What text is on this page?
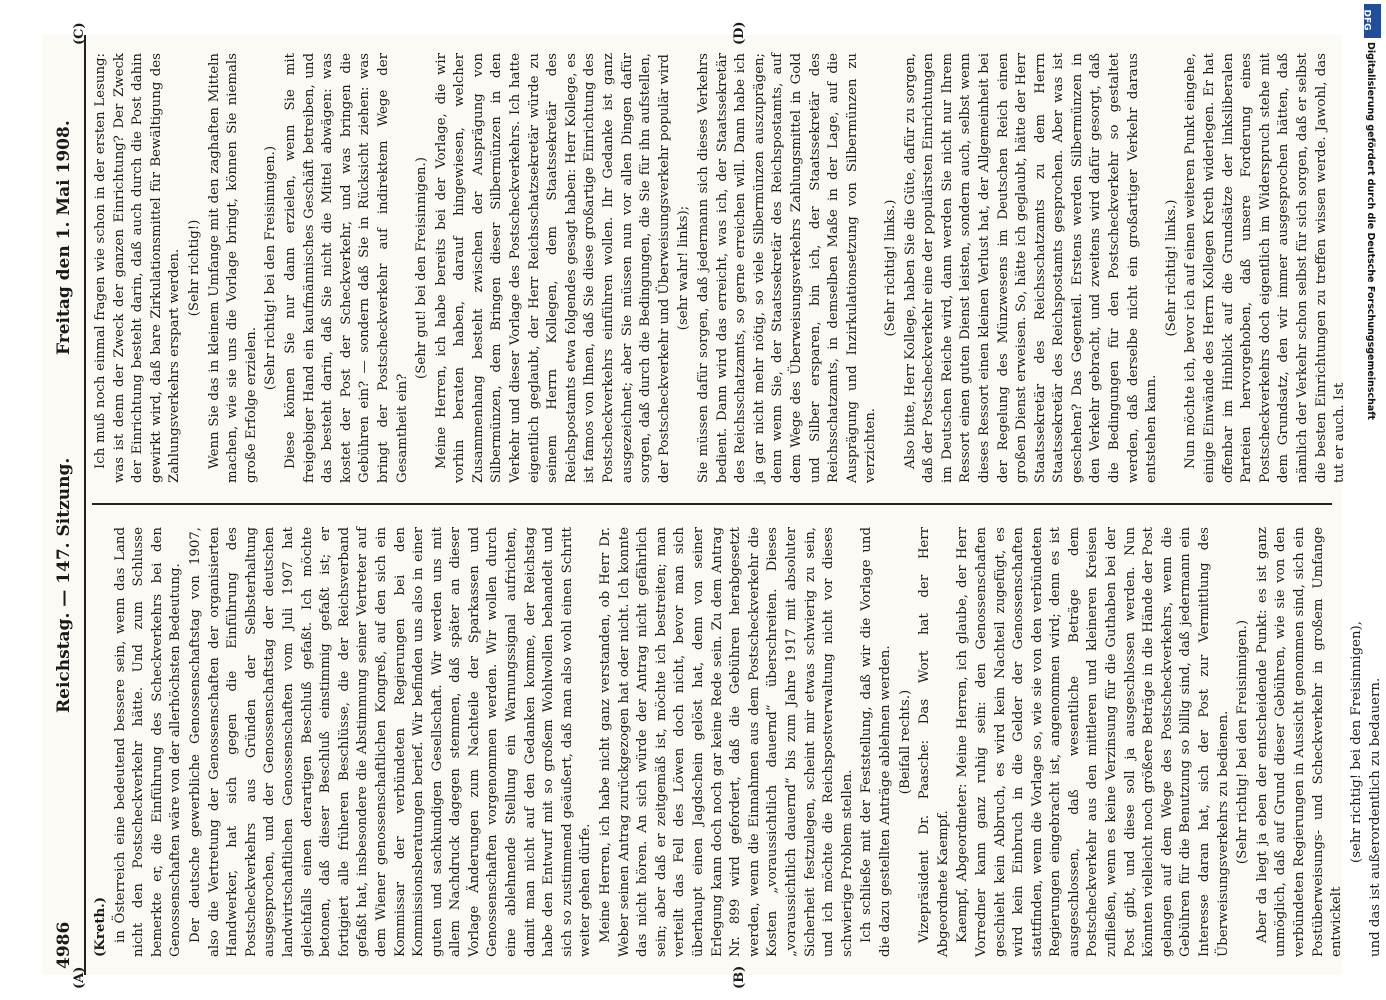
4986
Reichstag. — 147. Sitzung.
Freitag den 1. Mai 1908.
(A)	(B)
(C)	(D)

(Kreth.) in Österreich eine bedeutend bessere sein, wenn das Land nicht den Postscheckverkehr hätte. Und zum Schlusse bemerkte er, die Einführung des Scheckverkehrs bei den Genossenschaften wäre von der allerhöchsten Bedeutung. Der deutsche gewerbliche Genossenschaftstag von 1907, also die Vertretung der Genossenschaften der organisierten Handwerker, hat sich gegen die Einführung des Postscheckverkehrs aus Gründen der Selbsterhaltung ausgesprochen, und der Genossenschaftstag der deutschen landwirtschaftlichen Genossenschaften vom Juli 1907 hat gleichfalls einen derartigen Beschluß gefaßt. Ich möchte betonen, daß dieser Beschluß einstimmig gefaßt ist; er fortigiert alle früheren Beschlüsse, die der Reichsverband gefaßt hat, insbesondere die Abstimmung seiner Vertreter auf dem Wiener genossenschaftlichen Kongreß, auf den sich ein Kommissar der verbündeten Regierungen bei den Kommissionsberatungen berief. Wir befinden uns also in einer guten und sachkundigen Gesellschaft. Wir werden uns mit allem Nachdruck dagegen stemmen, daß später an dieser Vorlage Änderungen zum Nachteile der Sparkassen und Genossenschaften vorgenommen werden. Wir wollen durch eine ablehnende Stellung ein Warnungssignal aufrichten, damit man nicht auf den Gedanken komme, der Reichstag habe den Entwurf mit so großem Wohlwollen behandelt und sich so zustimmend geäußert, daß man also wohl einen Schritt weiter gehen dürfe. Meine Herren, ich habe nicht ganz verstanden, ob Herr Dr. Weber seinen Antrag zurückgezogen hat oder nicht. Ich konnte das nicht hören. An sich würde der Antrag nicht gefährlich sein; aber daß er zeitgemäß ist, möchte ich bestreiten; man verteilt das Fell des Löwen doch nicht, bevor man sich überhaupt einen Jagdschein gelöst hat, denn von seiner Erlegung kann doch noch gar keine Rede sein. Zu dem Antrag Nr. 899 wird gefordert, daß die Gebühren herabgesetzt werden, wenn die Einnahmen aus dem Postscheckverkehr die Kosten „voraussichtlich dauernd“ überschreiten. Dieses „voraussichtlich dauernd“ bis zum Jahre 1917 mit absoluter Sicherheit festzulegen, scheint mir etwas schwierig zu sein, und ich möchte die Reichspostverwaltung nicht vor dieses schwierige Problem stellen. Ich schließe mit der Feststellung, daß wir die Vorlage und die dazu gestellten Anträge ablehnen werden. (Beifall rechts.) Vizepräsident Dr. Paasche: Das Wort hat der Herr Abgeordnete Kaempf. Kaempf, Abgeordneter: Meine Herren, ich glaube, der Herr Vorredner kann ganz ruhig sein: den Genossenschaften geschieht kein Abbruch, es wird kein Nachteil zugefügt, es wird kein Einbruch in die Gelder der Genossenschaften stattfinden, wenn die Vorlage so, wie sie von den verbündeten Regierungen eingebracht ist, angenommen wird; denn es ist ausgeschlossen, daß wesentliche Beträge dem Postscheckverkehr aus den mittleren und kleineren Kreisen zufließen, wenn es keine Verzinsung für die Guthaben bei der Post gibt, und diese soll ja ausgeschlossen werden. Nun könnten vielleicht noch größere Beträge in die Hände der Post gelangen auf dem Wege des Postscheckverkehrs, wenn die Gebühren für die Benutzung so billig sind, daß jedermann ein Interesse daran hat, sich der Post zur Vermittlung des Überweisungsverkehrs zu bedienen. (Sehr richtig! bei den Freisinnigen.) Aber da liegt ja eben der entscheidende Punkt: es ist ganz unmöglich, daß auf Grund dieser Gebühren, wie sie von den verbündeten Regierungen in Aussicht genommen sind, sich ein Postüberweisungs- und Scheckverkehr in großem Umfange entwickelt

(sehr richtig! bei den Freisinnigen), und das ist außerordentlich zu bedauern.

Ich muß noch einmal fragen wie schon in der ersten Lesung: was ist denn der Zweck der ganzen Einrichtung? Der Zweck der Einrichtung besteht darin, daß auch durch die Post dahin gewirkt wird, daß bare Zirkulationsmittel für Bewältigung des Zahlungsverkehrs erspart werden. (Sehr richtig!) Wenn Sie das in kleinem Umfange mit den zaghaften Mitteln machen, wie sie uns die Vorlage bringt, können Sie niemals große Erfolge erzielen.

(Sehr richtig! bei den Freisinnigen.) Diese können Sie nur dann erzielen, wenn Sie mit freigebiger Hand ein kaufmännisches Geschäft betreiben, und das besteht darin, daß Sie nicht die Mittel abwägen: was kostet der Post der Scheckverkehr, und was bringen die Gebühren ein? — sondern daß Sie in Rücksicht ziehen: was bringt der Postscheckverkehr auf indirektem Wege der Gesamtheit ein?

(Sehr gut! bei den Freisinnigen.) Meine Herren, ich habe bereits bei der Vorlage, die wir vorhin beraten haben, darauf hingewiesen, welcher Zusammenhang besteht zwischen der Ausprägung von Silbermünzen, dem Bringen dieser Silbermünzen in den Verkehr und dieser Vorlage des Postscheckverkehrs. Ich hatte eigentlich geglaubt, der Herr Reichsschatzsekretär würde zu seinem Herrn Kollegen, dem Staatssekretär des Reichspostamts etwa folgendes gesagt haben: Herr Kollege, es ist famos von Ihnen, daß Sie diese großartige Einrichtung des Postscheckverkehrs einführen wollen. Ihr Gedanke ist ganz ausgezeichnet; aber Sie müssen nun vor allen Dingen dafür sorgen, daß durch die Bedingungen, die Sie für ihn aufstellen, der Postscheckverkehr und Überweisungsverkehr populär wird (sehr wahr! links); Sie müssen dafür sorgen, daß jedermann sich dieses Verkehrs bedient. Dann wird das erreicht, was ich, der Staatssekretär des Reichsschatzamts, so gerne erreichen will. Dann habe ich ja gar nicht mehr nötig, so viele Silbermünzen auszuprägen; denn wenn Sie, der Staatssekretär des Reichspostamts, auf dem Wege des Überweisungsverkehrs Zahlungsmittel in Gold und Silber ersparen, bin ich, der Staatssekretär des Reichsschatzamts, in demselben Maße in der Lage, auf die Ausprägung und Inzirkulationsetzung von Silbermünzen zu verzichten.

(Sehr richtig! links.) Also bitte, Herr Kollege, haben Sie die Güte, dafür zu sorgen, daß der Postscheckverkehr eine der populärsten Einrichtungen im Deutschen Reiche wird, dann werden Sie nicht nur Ihrem Ressort einen guten Dienst leisten, sondern auch, selbst wenn dieses Ressort einen kleinen Verlust hat, der Allgemeinheit bei der Regelung des Münzwesens im Deutschen Reich einen großen Dienst erweisen. So, hätte ich geglaubt, hätte der Herr Staatssekretär des Reichsschatzamts zu dem Herrn Staatssekretär des Reichspostamts gesprochen. Aber was ist geschehen? Das Gegenteil. Erstens werden Silbermünzen in den Verkehr gebracht, und zweitens wird dafür gesorgt, daß die Bedingungen für den Postscheckverkehr so gestaltet werden, daß derselbe nicht ein großartiger Verkehr daraus entstehen kann.

(Sehr richtig! links.) Nun möchte ich, bevor ich auf einen weiteren Punkt eingehe, einige Einwände des Herrn Kollegen Kreth widerlegen. Er hat offenbar im Hinblick auf die Grundsätze der linksliberalen Parteien hervorgehoben, daß unsere Forderung eines Postscheckverkehrs doch eigentlich im Widerspruch stehe mit dem Grundsatz, den wir immer ausgesprochen hätten, daß nämlich der Verkehr schon selbst für sich sorgen, daß er selbst die besten Einrichtungen zu treffen wissen werde. Jawohl, das tut er auch. Ist

DFG
Digitalisierung gefördert durch die Deutsche Forschungsgemeinschaft
